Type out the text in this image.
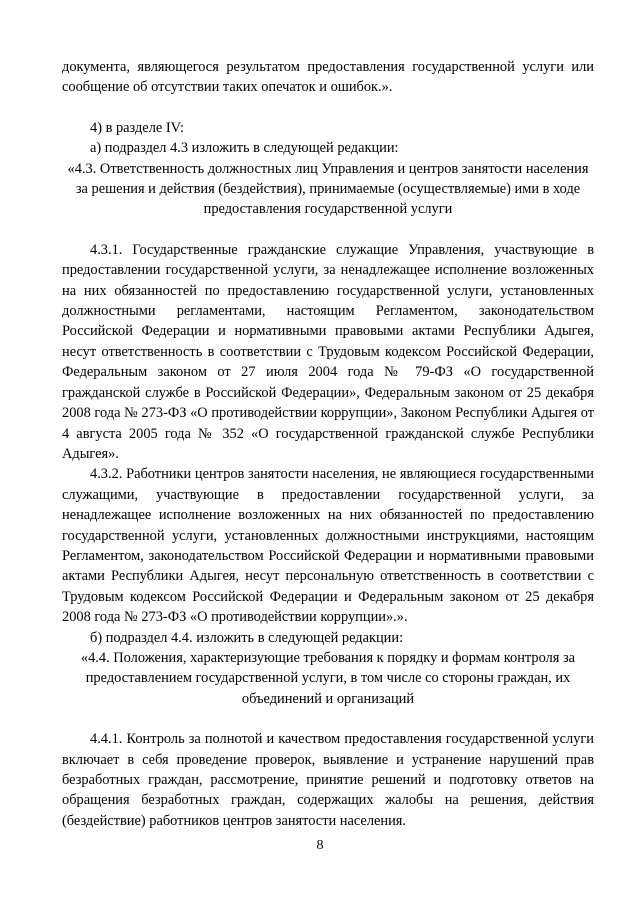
документа, являющегося результатом предоставления государственной услуги или сообщение об отсутствии таких опечаток и ошибок.».

4) в разделе IV:

а) подраздел 4.3 изложить в следующей редакции:

«4.3. Ответственность должностных лиц Управления и центров занятости населения за решения и действия (бездействия), принимаемые (осуществляемые) ими в ходе предоставления государственной услуги

4.3.1. Государственные гражданские служащие Управления, участвующие в предоставлении государственной услуги, за ненадлежащее исполнение возложенных на них обязанностей по предоставлению государственной услуги, установленных должностными регламентами, настоящим Регламентом, законодательством Российской Федерации и нормативными правовыми актами Республики Адыгея, несут ответственность в соответствии с Трудовым кодексом Российской Федерации, Федеральным законом от 27 июля 2004 года № 79-ФЗ «О государственной гражданской службе в Российской Федерации», Федеральным законом от 25 декабря 2008 года № 273-ФЗ «О противодействии коррупции», Законом Республики Адыгея от 4 августа 2005 года № 352 «О государственной гражданской службе Республики Адыгея».

4.3.2. Работники центров занятости населения, не являющиеся государственными служащими, участвующие в предоставлении государственной услуги, за ненадлежащее исполнение возложенных на них обязанностей по предоставлению государственной услуги, установленных должностными инструкциями, настоящим Регламентом, законодательством Российской Федерации и нормативными правовыми актами Республики Адыгея, несут персональную ответственность в соответствии с Трудовым кодексом Российской Федерации и Федеральным законом от 25 декабря 2008 года № 273-ФЗ «О противодействии коррупции».».

б) подраздел 4.4. изложить в следующей редакции:

«4.4. Положения, характеризующие требования к порядку и формам контроля за предоставлением государственной услуги, в том числе со стороны граждан, их объединений и организаций

4.4.1. Контроль за полнотой и качеством предоставления государственной услуги включает в себя проведение проверок, выявление и устранение нарушений прав безработных граждан, рассмотрение, принятие решений и подготовку ответов на обращения безработных граждан, содержащих жалобы на решения, действия (бездействие) работников центров занятости населения.

8
